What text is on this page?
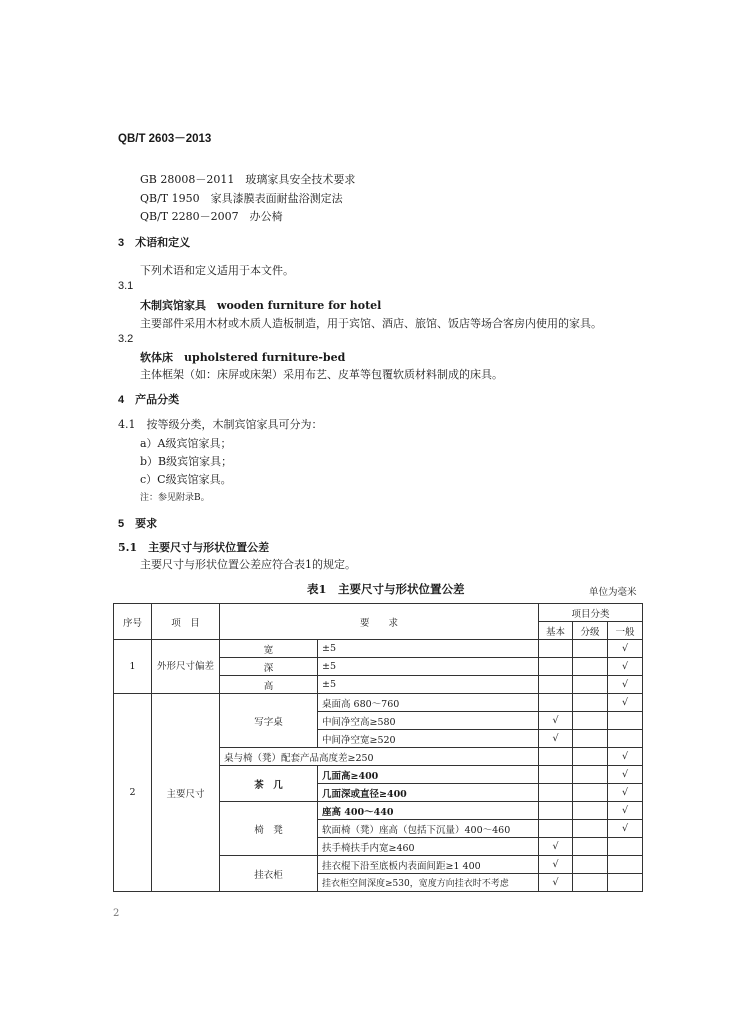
QB/T 2603－2013
GB 28008－2011　玻璃家具安全技术要求
QB/T 1950　家具漆膜表面耐盐浴测定法
QB/T 2280－2007　办公椅
3　术语和定义
下列术语和定义适用于本文件。
3.1
木制宾馆家具　wooden furniture for hotel
主要部件采用木材或木质人造板制造，用于宾馆、酒店、旅馆、饭店等场合客房内使用的家具。
3.2
软体床　upholstered furniture-bed
主体框架（如：床屏或床架）采用布艺、皮革等包覆软质材料制成的床具。
4　产品分类
4.1　按等级分类，木制宾馆家具可分为：
a）A级宾馆家具；
b）B级宾馆家具；
c）C级宾馆家具。
注：参见附录B。
5　要求
5.1　主要尺寸与形状位置公差
主要尺寸与形状位置公差应符合表1的规定。
表1　主要尺寸与形状位置公差	单位为毫米
序号	项　目	要　　求		项目分类		
				基本	分级	一般
1	外形尺寸偏差	宽	±5			√
		深	±5			√
		高	±5			√
2	主要尺寸	写字桌	桌面高 680～760			√
			中间净空高≥580	√		
			中间净空宽≥520	√		
		桌与椅（凳）配套产品高度差≥250				√
		茶　几	几面高≥400			√
			几面深或直径≥400			√
		椅　凳	座高 400～440			√
			软面椅（凳）座高（包括下沉量）400～460			√
			扶手椅扶手内宽≥460	√		
		挂衣柜	挂衣棍下沿至底板内表面间距≥1 400	√		
			挂衣柜空间深度≥530，宽度方向挂衣时不考虑	√		
2
